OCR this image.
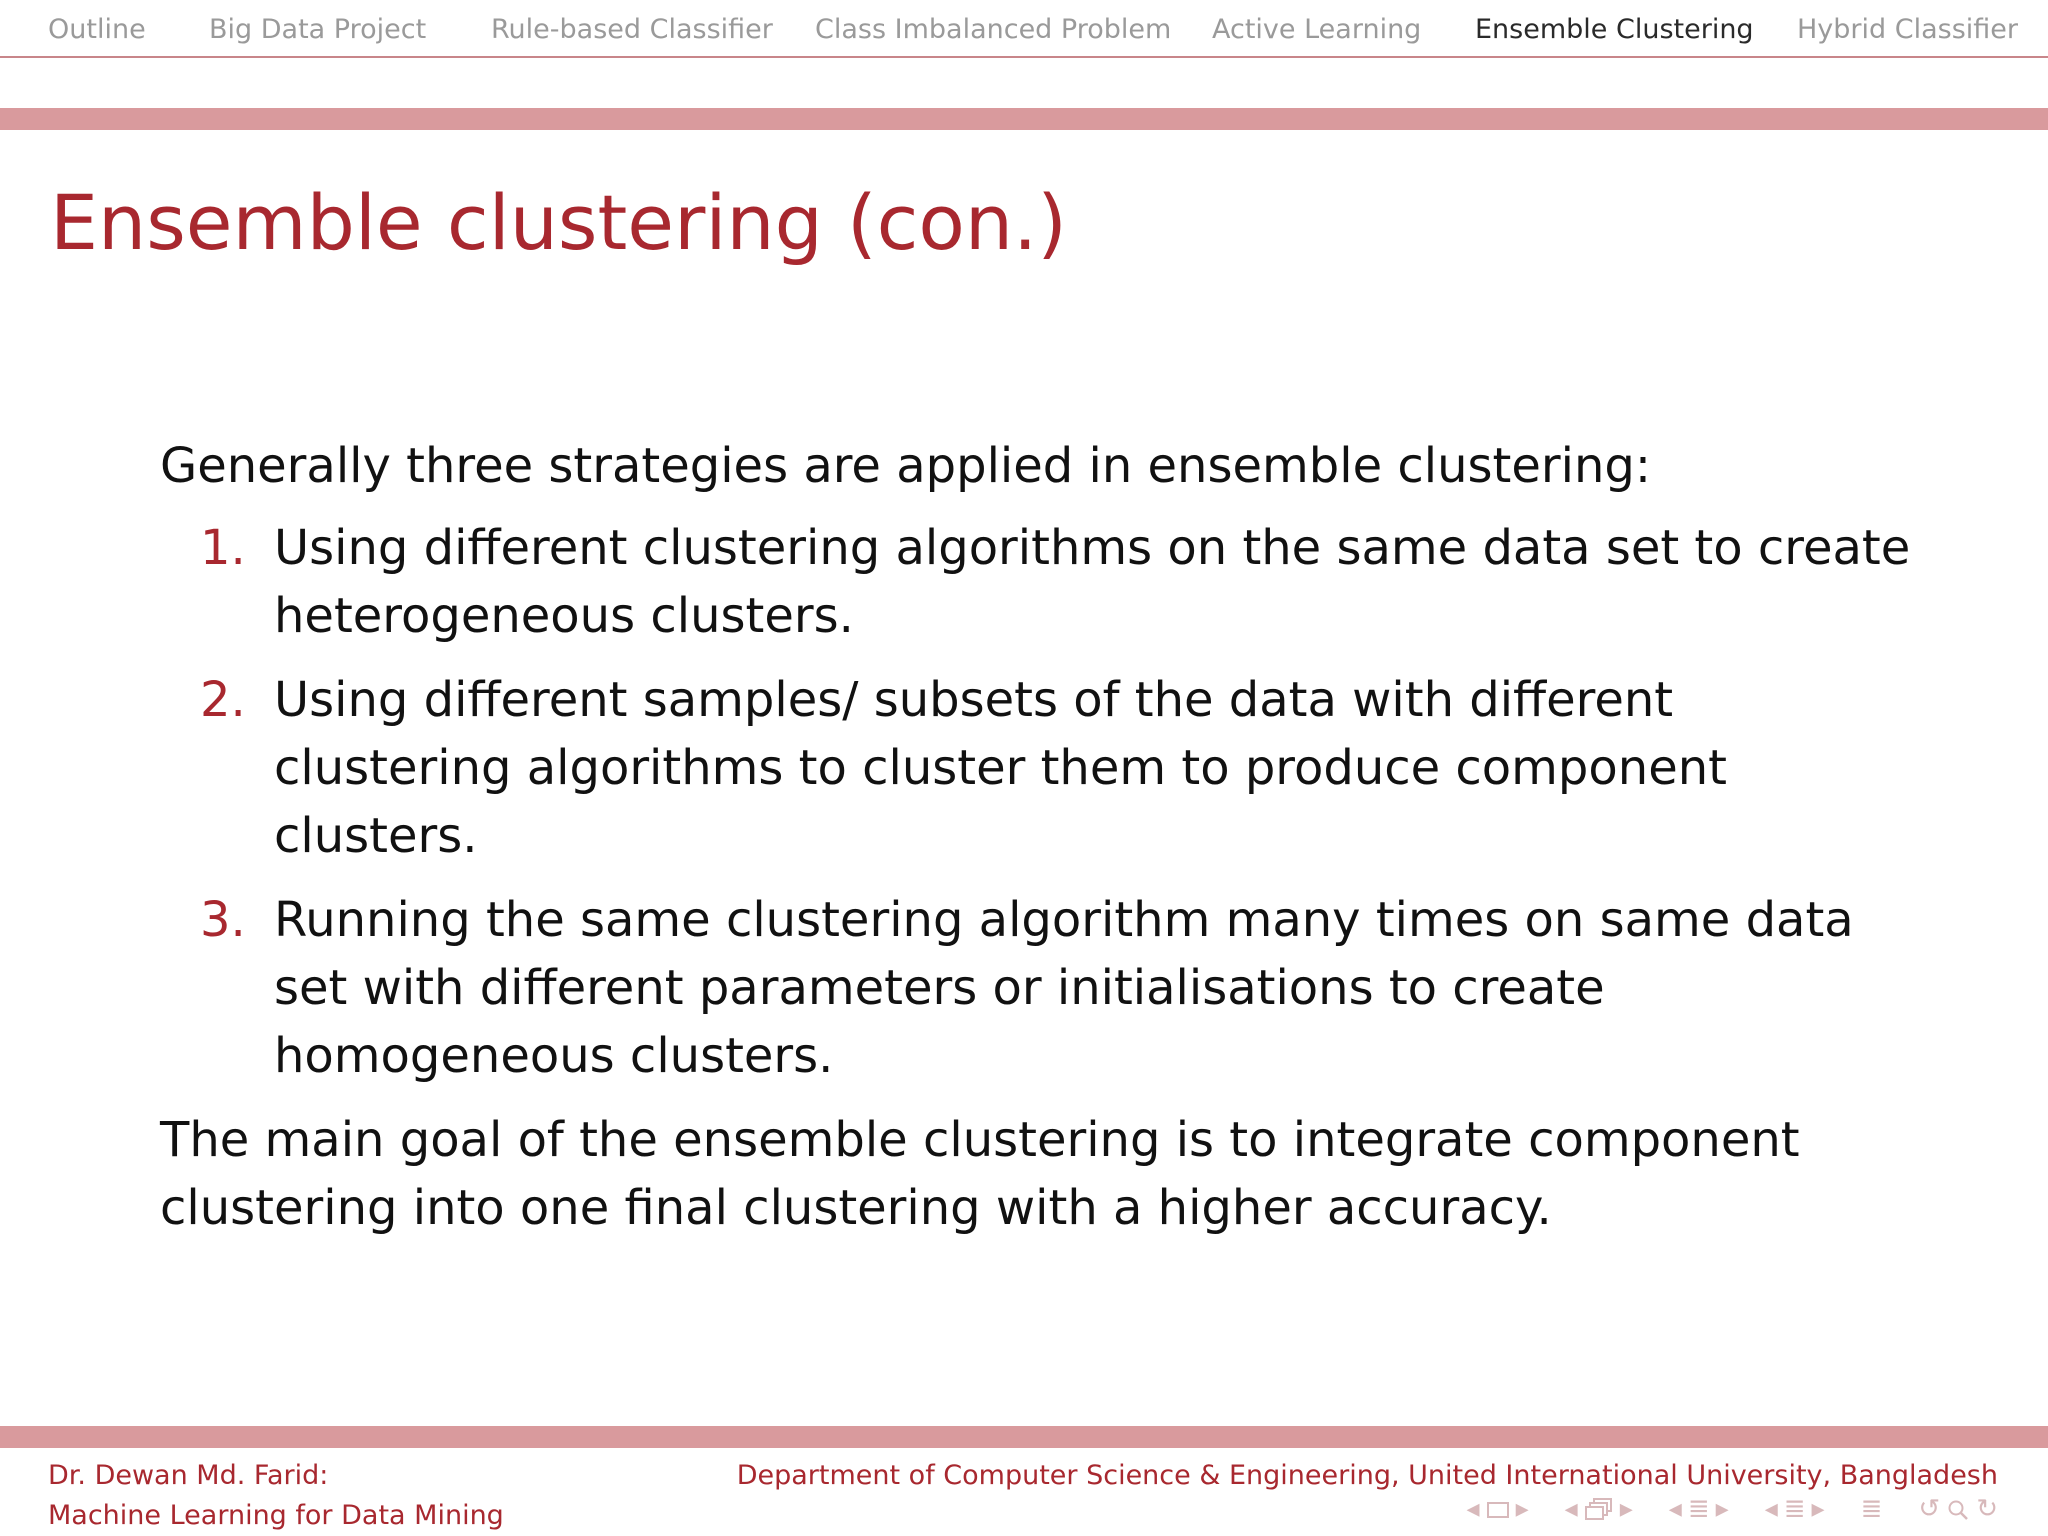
Outline Big Data Project Rule-based Classifier Class Imbalanced Problem Active Learning Ensemble Clustering Hybrid Classifier
Ensemble clustering (con.)

Generally three strategies are applied in ensemble clustering:

1. Using different clustering algorithms on the same data set to create heterogeneous clusters.
2. Using different samples/ subsets of the data with different clustering algorithms to cluster them to produce component clusters.
3. Running the same clustering algorithm many times on same data set with different parameters or initialisations to create homogeneous clusters.

The main goal of the ensemble clustering is to integrate component clustering into one final clustering with a higher accuracy.

Dr. Dewan Md. Farid:
Machine Learning for Data Mining
Department of Computer Science & Engineering, United International University, Bangladesh
◂ ▸ ◂ ▸ ◂ ≣ ▸ ◂ ≣ ▸ ≣ ↺ ↻
